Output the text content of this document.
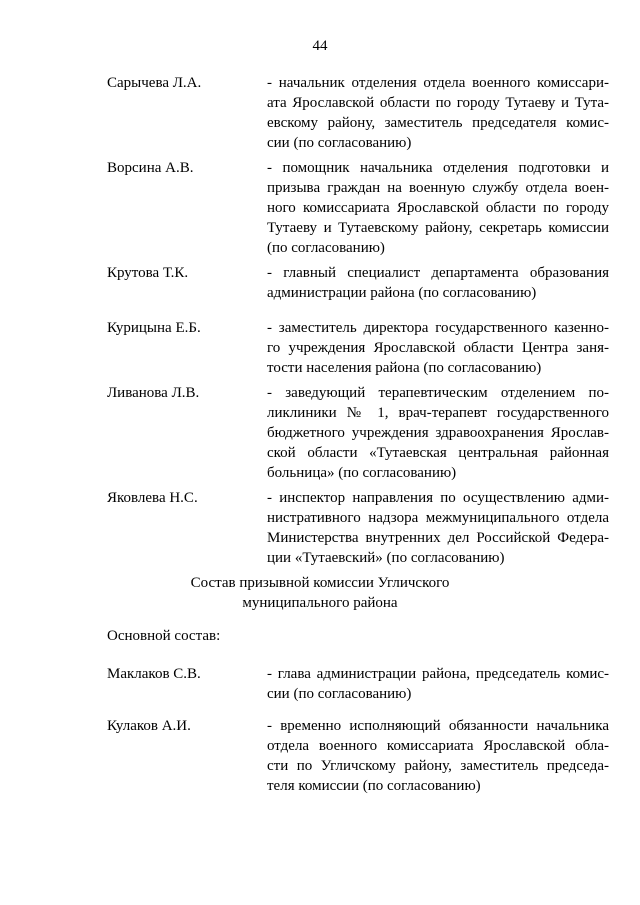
44
Сарычева Л.А.	- начальник отделения отдела военного комиссари-
ата Ярославской области по городу Тутаеву и Тута-
евскому району, заместитель председателя комис-
сии (по согласованию)
Ворсина А.В.	- помощник начальника отделения подготовки и
призыва граждан на военную службу отдела воен-
ного комиссариата Ярославской области по городу
Тутаеву и Тутаевскому району, секретарь комиссии
(по согласованию)
Крутова Т.К.	- главный специалист департамента образования
администрации района (по согласованию)
Курицына Е.Б.	- заместитель директора государственного казенно-
го учреждения Ярославской области Центра заня-
тости населения района (по согласованию)
Ливанова Л.В.	- заведующий терапевтическим отделением по-
ликлиники № 1, врач-терапевт государственного
бюджетного учреждения здравоохранения Ярослав-
ской области «Тутаевская центральная районная
больница» (по согласованию)
Яковлева Н.С.	- инспектор направления по осуществлению адми-
нистративного надзора межмуниципального отдела
Министерства внутренних дел Российской Федера-
ции «Тутаевский» (по согласованию)
Состав призывной комиссии Угличского
муниципального района
Основной состав:
Маклаков С.В.	- глава администрации района, председатель комис-
сии (по согласованию)
Кулаков А.И.	- временно исполняющий обязанности начальника
отдела военного комиссариата Ярославской обла-
сти по Угличскому району, заместитель председа-
теля комиссии (по согласованию)
